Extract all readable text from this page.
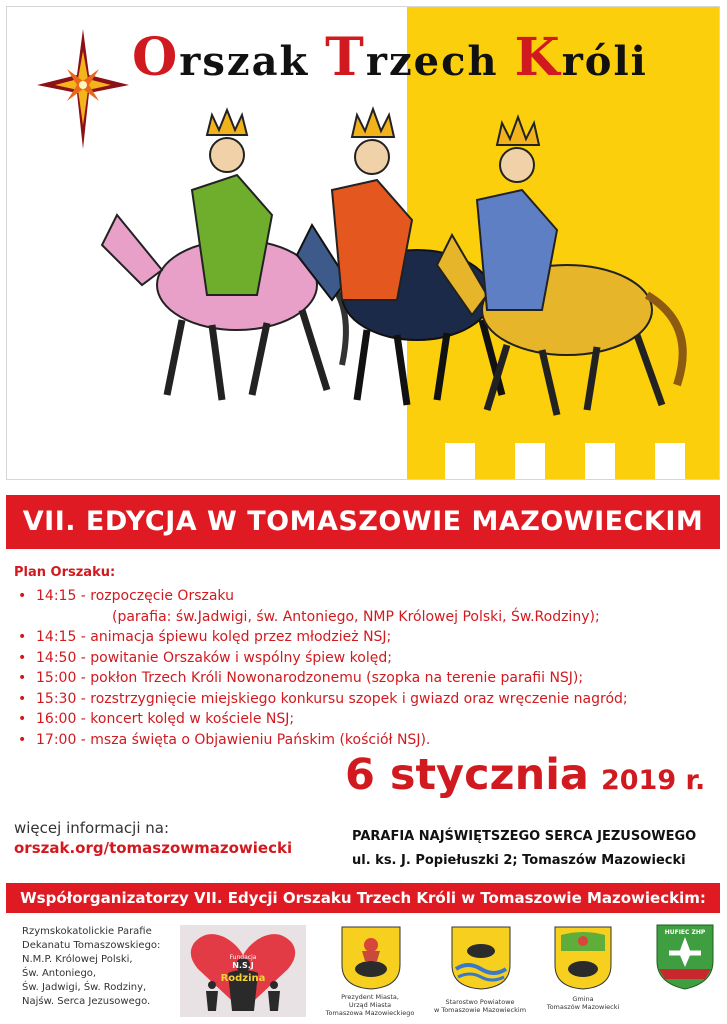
Orszak Trzech Króli
VII. EDYCJA W TOMASZOWIE MAZOWIECKIM
Plan Orszaku:
• 14:15 - rozpoczęcie Orszaku
(parafia: św.Jadwigi, św. Antoniego, NMP Królowej Polski, Św.Rodziny);
• 14:15 - animacja śpiewu kolęd przez młodzież NSJ;
• 14:50 - powitanie Orszaków i wspólny śpiew kolęd;
• 15:00 - pokłon Trzech Króli Nowonarodzonemu (szopka na terenie parafii NSJ);
• 15:30 - rozstrzygnięcie miejskiego konkursu szopek i gwiazd oraz wręczenie nagród;
• 16:00 - koncert kolęd w kościele NSJ;
• 17:00 - msza święta o Objawieniu Pańskim (kościół NSJ).
6 stycznia 2019 r.
więcej informacji na:
orszak.org/tomaszowmazowiecki
PARAFIA NAJŚWIĘTSZEGO SERCA JEZUSOWEGO
ul. ks. J. Popiełuszki 2; Tomaszów Mazowiecki
Współorganizatorzy VII. Edycji Orszaku Trzech Króli w Tomaszowie Mazowieckim:
Rzymskokatolickie Parafie
Dekanatu Tomaszowskiego:
N.M.P. Królowej Polski,
Św. Antoniego,
Św. Jadwigi, Św. Rodziny,
Najśw. Serca Jezusowego.
Fundacja
N.S.J
Rodzina
Prezydent Miasta,
Urząd Miasta
Tomaszowa Mazowieckiego
Starostwo Powiatowe
w Tomaszowie Mazowieckim
Gmina
Tomaszów Mazowiecki
HUFIEC ZHP
